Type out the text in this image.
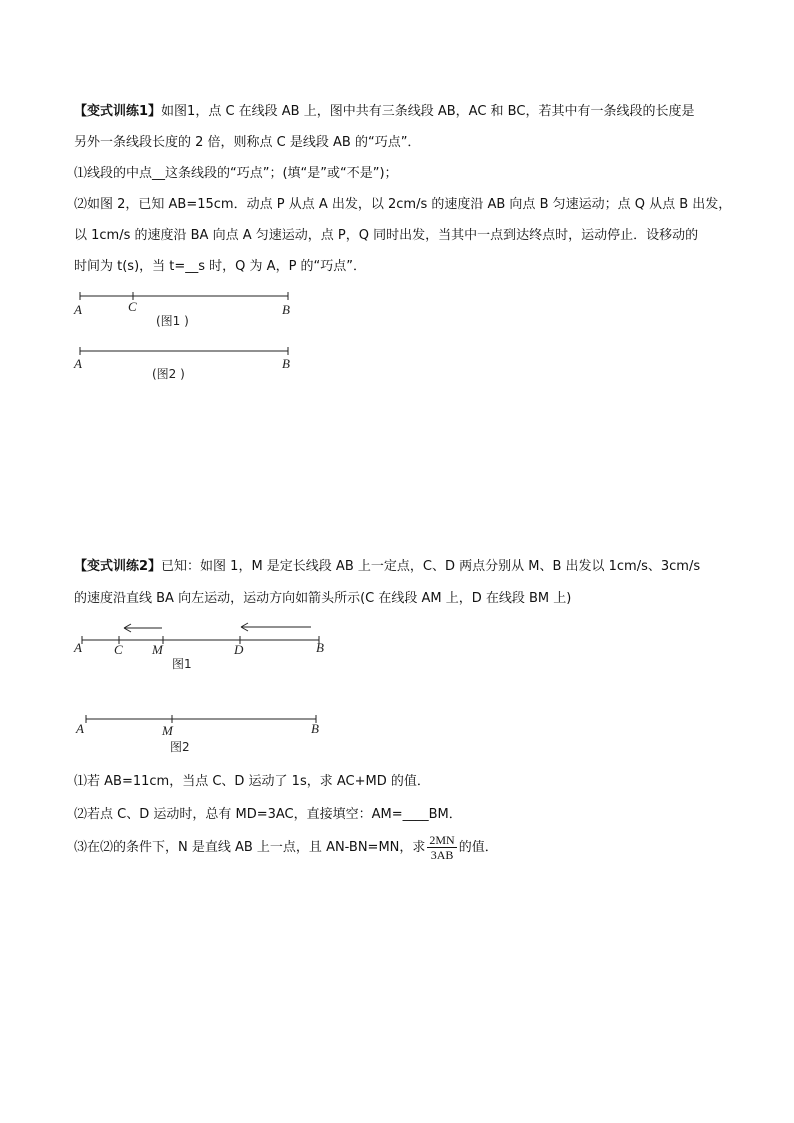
【变式训练1】如图1，点 C 在线段 AB 上，图中共有三条线段 AB，AC 和 BC，若其中有一条线段的长度是
另外一条线段长度的 2 倍，则称点 C 是线段 AB 的“巧点”．
⑴线段的中点__这条线段的“巧点”；(填“是”或“不是”)；
⑵如图 2，已知 AB=15cm．动点 P 从点 A 出发，以 2cm/s 的速度沿 AB 向点 B 匀速运动；点 Q 从点 B 出发，
以 1cm/s 的速度沿 BA 向点 A 匀速运动，点 P，Q 同时出发，当其中一点到达终点时，运动停止．设移动的
时间为 t(s)，当 t=__s 时，Q 为 A，P 的“巧点”．
A	C	B
(图1 )
A	B
(图2 )
A C M	D	B
图1
A	M	B
图2
【变式训练2】已知：如图 1，M 是定长线段 AB 上一定点，C、D 两点分别从 M、B 出发以 1cm/s、3cm/s
的速度沿直线 BA 向左运动，运动方向如箭头所示(C 在线段 AM 上，D 在线段 BM 上)
⑴若 AB=11cm，当点 C、D 运动了 1s，求 AC+MD 的值．
⑵若点 C、D 运动时，总有 MD=3AC，直接填空：AM=____BM．
⑶在⑵的条件下，N 是直线 AB 上一点，且 AN-BN=MN，求 $\frac{2MN}{3AB}$ 的值．
